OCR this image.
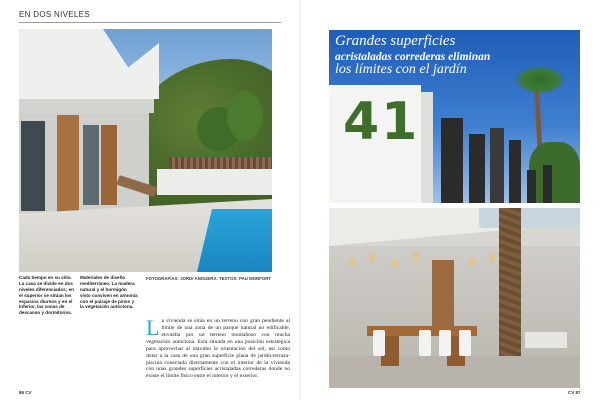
EN DOS NIVELES
Cada tiempo en su sitio. La casa se divide en dos niveles diferenciados; en el superior se sitúan los espacios diurnos y en el inferior, las zonas de descanso y dormitorios.
Materiales de diseño mediterráneo. La madera natural y el hormigón visto conviven en armonía con el paisaje de pinos y la vegetación autóctona.
FOTOGRAFÍAS: JORDI ANGUERA. TEXTOS: PAU MONFORT
La vivienda se sitúa en un terreno con gran pendiente al límite de una zona de un parque natural no edificable, envuelta por un terreno montañoso con mucha vegetación autóctona. Está situada en una posición estratégica para aprovechar al máximo la orientación del sol, así como dotar a la casa de una gran superficie plana de jardín-terraza-piscina conectada directamente con el interior de la vivienda con unas grandes superficies acristaladas correderas donde no existe el límite físico entre el interior y el exterior.
86 CV
41
Grandes superficies
acristaladas correderas eliminan
los límites con el jardín
CV 87
